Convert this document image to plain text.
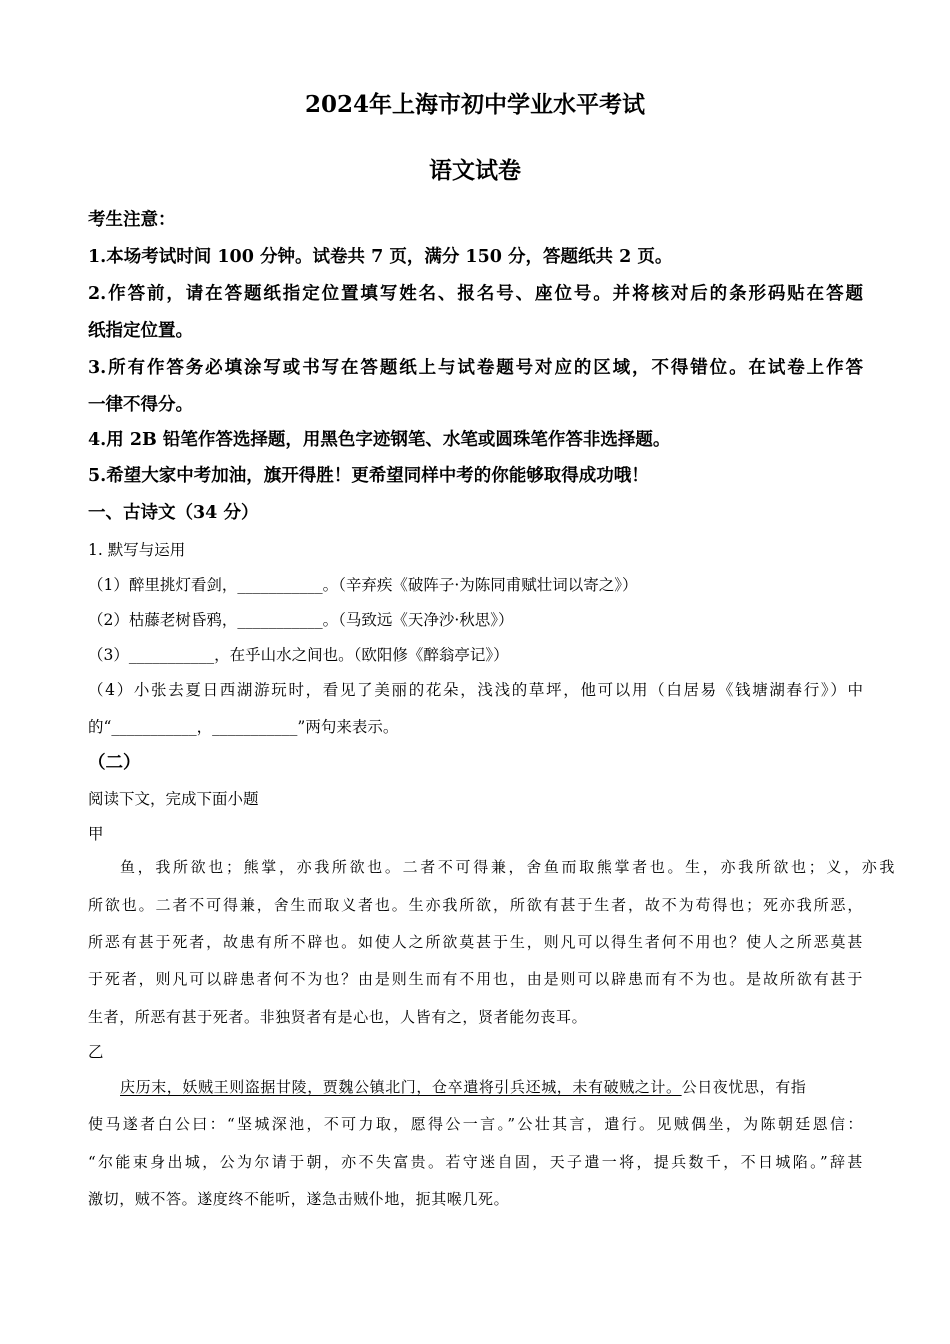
2024年上海市初中学业水平考试
语文试卷
考生注意：
1.本场考试时间 100 分钟。试卷共 7 页，满分 150 分，答题纸共 2 页。
2.作答前，请在答题纸指定位置填写姓名、报名号、座位号。并将核对后的条形码贴在答题
纸指定位置。
3.所有作答务必填涂写或书写在答题纸上与试卷题号对应的区域，不得错位。在试卷上作答
一律不得分。
4.用 2B 铅笔作答选择题，用黑色字迹钢笔、水笔或圆珠笔作答非选择题。
5.希望大家中考加油，旗开得胜！更希望同样中考的你能够取得成功哦！
一、古诗文（34 分）
1. 默写与运用
（1）醉里挑灯看剑，___________。（辛弃疾《破阵子·为陈同甫赋壮词以寄之》）
（2）枯藤老树昏鸦，___________。（马致远《天净沙·秋思》）
（3）___________，在乎山水之间也。（欧阳修《醉翁亭记》）
（4）小张去夏日西湖游玩时，看见了美丽的花朵，浅浅的草坪，他可以用（白居易《钱塘湖春行》）中
的“___________，___________”两句来表示。
（二）
阅读下文，完成下面小题
甲
鱼，我所欲也；熊掌，亦我所欲也。二者不可得兼，舍鱼而取熊掌者也。生，亦我所欲也；义，亦我
所欲也。二者不可得兼，舍生而取义者也。生亦我所欲，所欲有甚于生者，故不为苟得也；死亦我所恶，
所恶有甚于死者，故患有所不辟也。如使人之所欲莫甚于生，则凡可以得生者何不用也？使人之所恶莫甚
于死者，则凡可以辟患者何不为也？由是则生而有不用也，由是则可以辟患而有不为也。是故所欲有甚于
生者，所恶有甚于死者。非独贤者有是心也，人皆有之，贤者能勿丧耳。
乙
庆历末，妖贼王则盗据甘陵，贾魏公镇北门，仓卒遣将引兵还城，未有破贼之计。公日夜忧思，有指
使马遂者白公曰：“坚城深池，不可力取，愿得公一言。”公壮其言，遣行。见贼偶坐，为陈朝廷恩信：
“尔能束身出城，公为尔请于朝，亦不失富贵。若守迷自固，天子遣一将，提兵数千，不日城陷。”辞甚
激切，贼不答。遂度终不能听，遂急击贼仆地，扼其喉几死。
